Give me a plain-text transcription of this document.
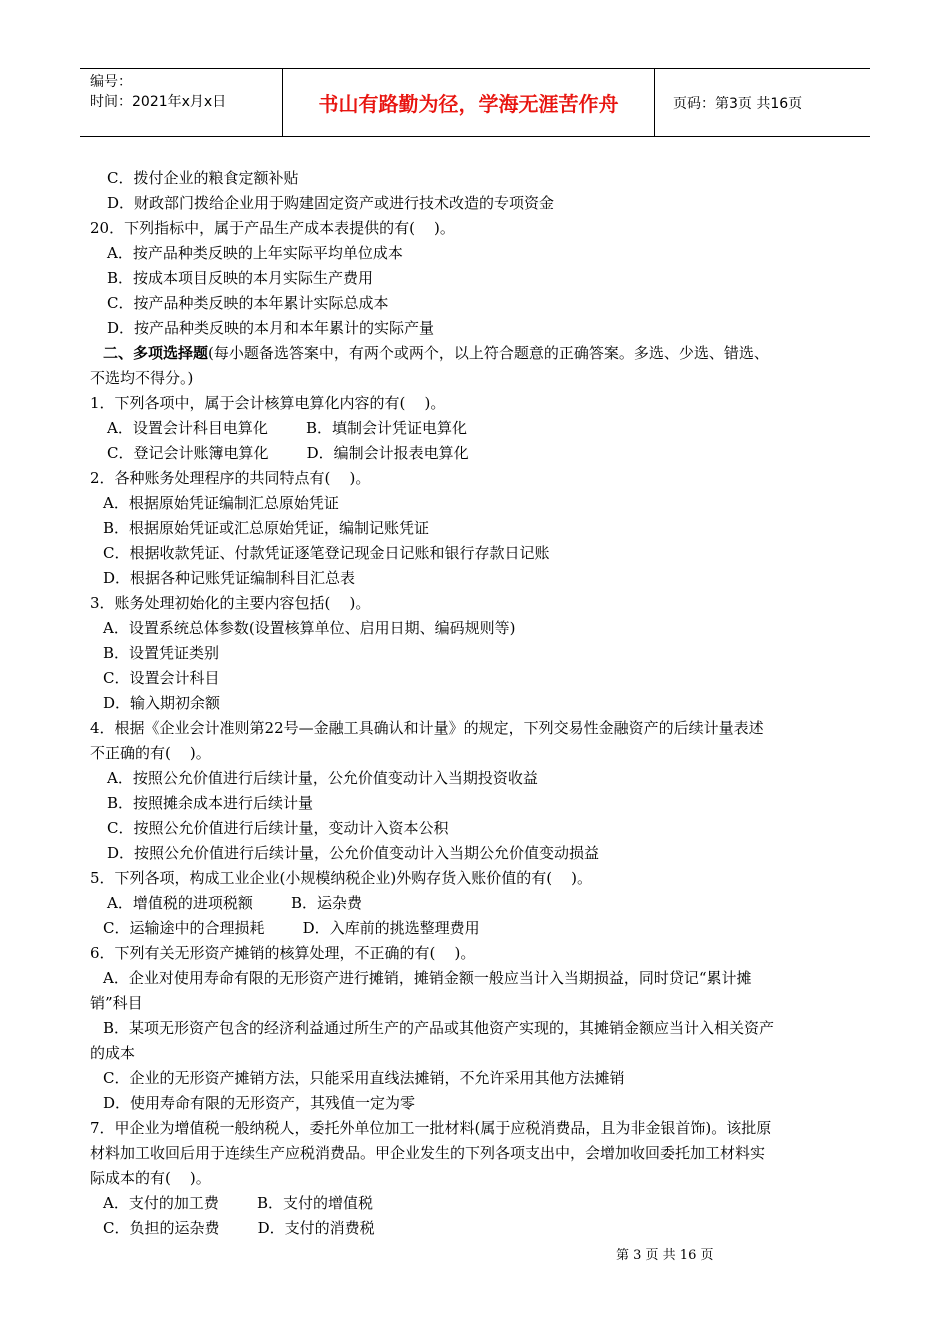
编号：
时间：2021年x月x日	书山有路勤为径，学海无涯苦作舟	页码：第3页 共16页
C．拨付企业的粮食定额补贴
D．财政部门拨给企业用于购建固定资产或进行技术改造的专项资金
20．下列指标中，属于产品生产成本表提供的有(    )。
A．按产品种类反映的上年实际平均单位成本
B．按成本项目反映的本月实际生产费用
C．按产品种类反映的本年累计实际总成本
D．按产品种类反映的本月和本年累计的实际产量
二、多项选择题(每小题备选答案中，有两个或两个，以上符合题意的正确答案。多选、少选、错选、
不选均不得分。)
1．下列各项中，属于会计核算电算化内容的有(    )。
A．设置会计科目电算化        B．填制会计凭证电算化
C．登记会计账簿电算化        D．编制会计报表电算化
2．各种账务处理程序的共同特点有(    )。
A．根据原始凭证编制汇总原始凭证
B．根据原始凭证或汇总原始凭证，编制记账凭证
C．根据收款凭证、付款凭证逐笔登记现金日记账和银行存款日记账
D．根据各种记账凭证编制科目汇总表
3．账务处理初始化的主要内容包括(    )。
A．设置系统总体参数(设置核算单位、启用日期、编码规则等)
B．设置凭证类别
C．设置会计科目
D．输入期初余额
4．根据《企业会计准则第22号—金融工具确认和计量》的规定，下列交易性金融资产的后续计量表述
不正确的有(    )。
A．按照公允价值进行后续计量，公允价值变动计入当期投资收益
B．按照摊余成本进行后续计量
C．按照公允价值进行后续计量，变动计入资本公积
D．按照公允价值进行后续计量，公允价值变动计入当期公允价值变动损益
5．下列各项，构成工业企业(小规模纳税企业)外购存货入账价值的有(    )。
A．增值税的进项税额        B．运杂费
C．运输途中的合理损耗        D．入库前的挑选整理费用
6．下列有关无形资产摊销的核算处理，不正确的有(    )。
A．企业对使用寿命有限的无形资产进行摊销，摊销金额一般应当计入当期损益，同时贷记“累计摊
销”科目
B．某项无形资产包含的经济利益通过所生产的产品或其他资产实现的，其摊销金额应当计入相关资产
的成本
C．企业的无形资产摊销方法，只能采用直线法摊销，不允许采用其他方法摊销
D．使用寿命有限的无形资产，其残值一定为零
7．甲企业为增值税一般纳税人，委托外单位加工一批材料(属于应税消费品，且为非金银首饰)。该批原
材料加工收回后用于连续生产应税消费品。甲企业发生的下列各项支出中，会增加收回委托加工材料实
际成本的有(    )。
A．支付的加工费        B．支付的增值税
C．负担的运杂费        D．支付的消费税
第 3 页 共 16 页
